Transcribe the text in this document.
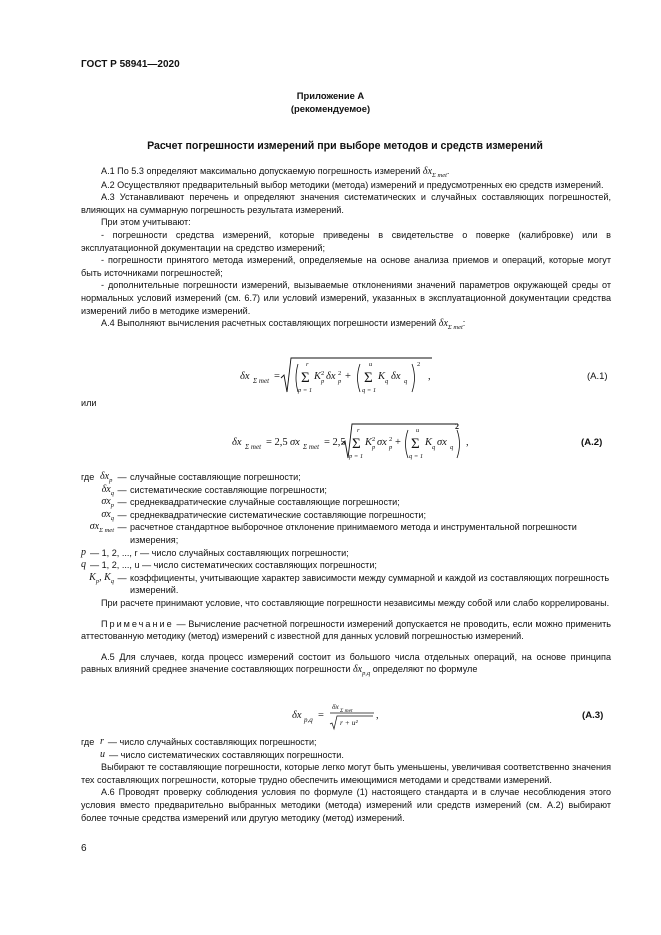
ГОСТ Р 58941—2020
Приложение А
(рекомендуемое)
Расчет погрешности измерений при выборе методов и средств измерений

А.1 По 5.3 определяют максимально допускаемую погрешность измерений $\delta x_{\Sigma met}$.

А.2 Осуществляют предварительный выбор методики (метода) измерений и предусмотренных ею средств измерений.

А.3 Устанавливают перечень и определяют значения систематических и случайных составляющих погрешностей, влияющих на суммарную погрешность результата измерений.

При этом учитывают:

- погрешности средства измерений, которые приведены в свидетельстве о поверке (калибровке) или в эксплуатационной документации на средство измерений;

- погрешности принятого метода измерений, определяемые на основе анализа приемов и операций, которые могут быть источниками погрешностей;

- дополнительные погрешности измерений, вызываемые отклонениями значений параметров окружающей среды от нормальных условий измерений (см. 6.7) или условий измерений, указанных в эксплуатационной документации средства измерений либо в методике измерений.

А.4 Выполняют вычисления расчетных составляющих погрешности измерений $\delta x_{\Sigma met}$:

δx Σ met =
r
Σ
p = 1
K 2
p δx 2
p +
u
Σ
q = 1
K q δx q
2
,	(А.1)
или
δx Σ met = 2,5 σx Σ met = 2,5
r
Σ
p = 1
K 2
p σx 2
p +
u
Σ
q = 1
K q σx q
2
,	(А.2)
где $\delta x_p$ — случайные составляющие погрешности;
$\delta x_q$ — систематические составляющие погрешности;
$\sigma x_p$ — среднеквадратические случайные составляющие погрешности;
$\sigma x_q$ — среднеквадратические систематические составляющие погрешности;
$\sigma x_{\Sigma met}$ — расчетное стандартное выборочное отклонение принимаемого метода и инструментальной погрешности измерения;
p — 1, 2, ..., r — число случайных составляющих погрешности;
q — 1, 2, ..., u — число систематических составляющих погрешности;
$K_p$, $K_q$ — коэффициенты, учитывающие характер зависимости между суммарной и каждой из составляющих погрешность измерений.

При расчете принимают условие, что составляющие погрешности независимы между собой или слабо коррелированы.

Примечание — Вычисление расчетной погрешности измерений допускается не проводить, если можно применить аттестованную методику (метод) измерений с известной для данных условий погрешностью измерений.

А.5 Для случаев, когда процесс измерений состоит из большого числа отдельных операций, на основе принципа равных влияний среднее значение составляющих погрешности $\delta x_{p,q}$ определяют по формуле

δx p,q =
δx Σ met
r + u²
,	(А.3)
где r — число случайных составляющих погрешности;
u — число систематических составляющих погрешности.

Выбирают те составляющие погрешности, которые легко могут быть уменьшены, увеличивая соответственно значения тех составляющих погрешности, которые трудно обеспечить имеющимися методами и средствами измерений.

А.6 Проводят проверку соблюдения условия по формуле (1) настоящего стандарта и в случае несоблюдения этого условия вместо предварительно выбранных методики (метода) измерений или средств измерений (см. А.2) выбирают более точные средства измерений или другую методику (метод) измерений.

6
